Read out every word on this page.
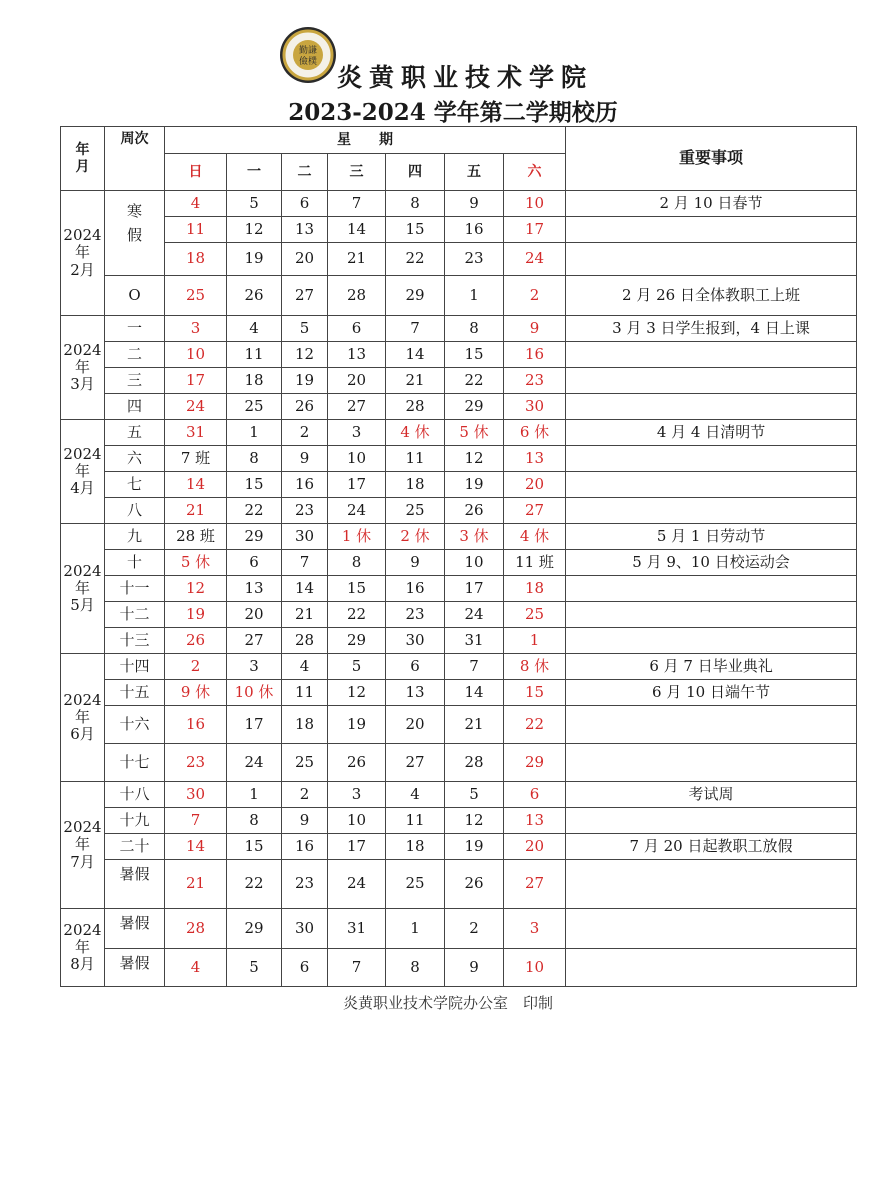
勤謙
儉樸
炎黄职业技术学院
2023-2024 学年第二学期校历
年
月	周次	星　　期							重要事项
		日	一	二	三	四	五	六	

2024
年
2月	寒
假	4	5	6	7	8	9	10	2 月 10 日春节
		11	12	13	14	15	16	17	
		18	19	20	21	22	23	24	
	O	25	26	27	28	29	1	2	2 月 26 日全体教职工上班

2024
年
3月	一	3	4	5	6	7	8	9	3 月 3 日学生报到，4 日上课
	二	10	11	12	13	14	15	16	
	三	17	18	19	20	21	22	23	
	四	24	25	26	27	28	29	30	

2024
年
4月	五	31	1	2	3	4 休	5 休	6 休	4 月 4 日清明节
	六	7 班	8	9	10	11	12	13	
	七	14	15	16	17	18	19	20	
	八	21	22	23	24	25	26	27	

2024
年
5月	九	28 班	29	30	1 休	2 休	3 休	4 休	5 月 1 日劳动节
	十	5 休	6	7	8	9	10	11 班	5 月 9、10 日校运动会
	十一	12	13	14	15	16	17	18	
	十二	19	20	21	22	23	24	25	
	十三	26	27	28	29	30	31	1	

2024
年
6月	十四	2	3	4	5	6	7	8 休	6 月 7 日毕业典礼
	十五	9 休	10 休	11	12	13	14	15	6 月 10 日端午节
	十六	16	17	18	19	20	21	22	
	十七	23	24	25	26	27	28	29	

2024
年
7月	十八	30	1	2	3	4	5	6	考试周
	十九	7	8	9	10	11	12	13	
	二十	14	15	16	17	18	19	20	7 月 20 日起教职工放假
	暑假	21	22	23	24	25	26	27	

2024
年
8月	暑假	28	29	30	31	1	2	3	
	暑假	4	5	6	7	8	9	10	
炎黄职业技术学院办公室　印制
